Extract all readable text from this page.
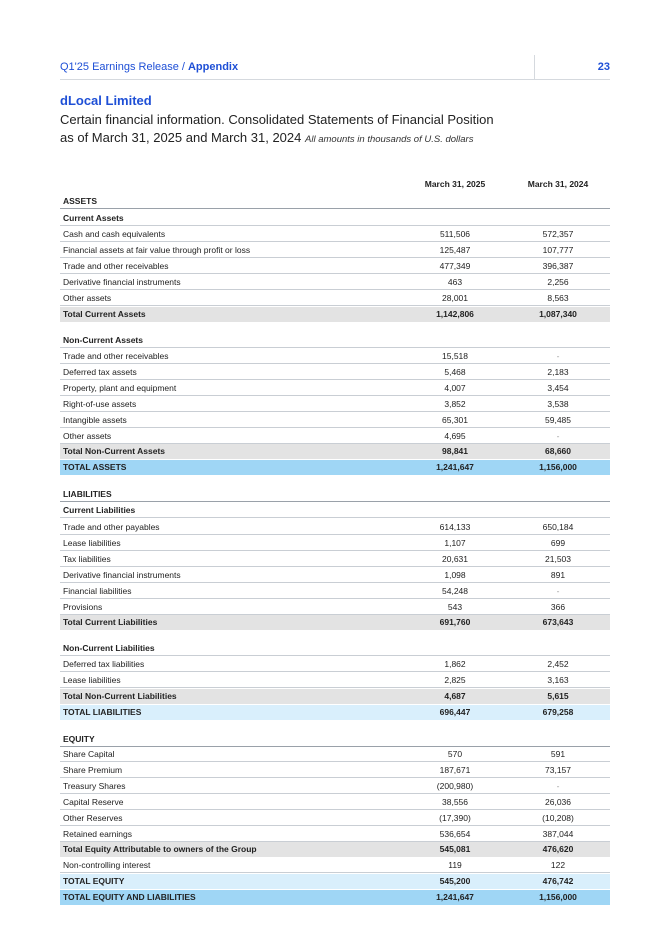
Q1'25 Earnings Release / Appendix	23
dLocal Limited
Certain financial information. Consolidated Statements of Financial Position
as of March 31, 2025 and March 31, 2024 All amounts in thousands of U.S. dollars
March 31, 2025	March 31, 2024
ASSETS
Current Assets
Cash and cash equivalents	511,506	572,357
Financial assets at fair value through profit or loss	125,487	107,777
Trade and other receivables	477,349	396,387
Derivative financial instruments	463	2,256
Other assets	28,001	8,563
Total Current Assets	1,142,806	1,087,340
Non-Current Assets
Trade and other receivables	15,518	-
Deferred tax assets	5,468	2,183
Property, plant and equipment	4,007	3,454
Right-of-use assets	3,852	3,538
Intangible assets	65,301	59,485
Other assets	4,695	-
Total Non-Current Assets	98,841	68,660
TOTAL ASSETS	1,241,647	1,156,000
LIABILITIES
Current Liabilities
Trade and other payables	614,133	650,184
Lease liabilities	1,107	699
Tax liabilities	20,631	21,503
Derivative financial instruments	1,098	891
Financial liabilities	54,248	-
Provisions	543	366
Total Current Liabilities	691,760	673,643
Non-Current Liabilities
Deferred tax liabilities	1,862	2,452
Lease liabilities	2,825	3,163
Total Non-Current Liabilities	4,687	5,615
TOTAL LIABILITIES	696,447	679,258
EQUITY
Share Capital	570	591
Share Premium	187,671	73,157
Treasury Shares	(200,980)	-
Capital Reserve	38,556	26,036
Other Reserves	(17,390)	(10,208)
Retained earnings	536,654	387,044
Total Equity Attributable to owners of the Group	545,081	476,620
Non-controlling interest	119	122
TOTAL EQUITY	545,200	476,742
TOTAL EQUITY AND LIABILITIES	1,241,647	1,156,000
